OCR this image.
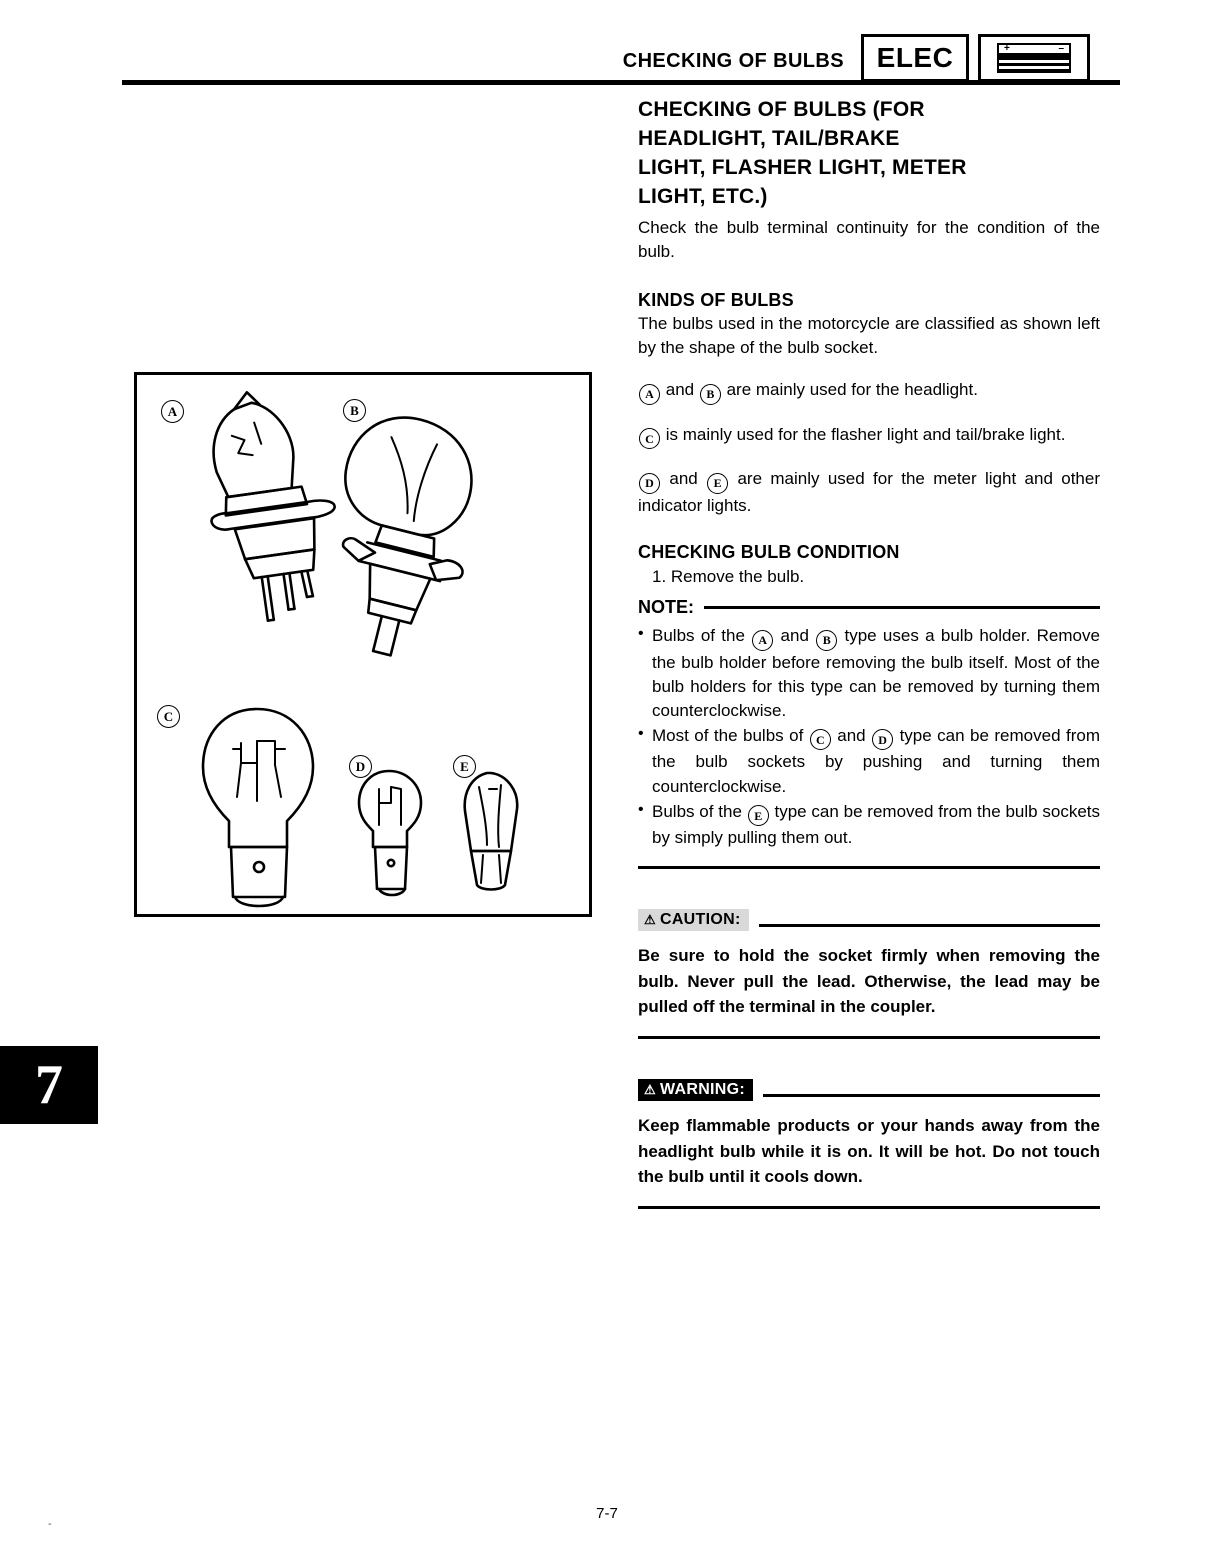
CHECKING OF BULBS ELEC	+	–
7
A	B
C
D	E
CHECKING OF BULBS (FOR
HEADLIGHT, TAIL/BRAKE
LIGHT, FLASHER LIGHT, METER
LIGHT, ETC.)

Check the bulb terminal continuity for the condition of the bulb.

KINDS OF BULBS

The bulbs used in the motorcycle are classified as shown left by the shape of the bulb socket.

A and B are mainly used for the headlight.

C is mainly used for the flasher light and tail/brake light.

D and E are mainly used for the meter light and other indicator lights.

CHECKING BULB CONDITION
1. Remove the bulb.
NOTE:
• Bulbs of the A and B type uses a bulb holder. Remove the bulb holder before removing the bulb itself. Most of the bulb holders for this type can be removed by turning them counterclockwise.
• Most of the bulbs of C and D type can be removed from the bulb sockets by pushing and turning them counterclockwise.
• Bulbs of the E type can be removed from the bulb sockets by simply pulling them out.
⚠ CAUTION:
Be sure to hold the socket firmly when removing the bulb. Never pull the lead. Otherwise, the lead may be pulled off the terminal in the coupler.
⚠ WARNING:
Keep flammable products or your hands away from the headlight bulb while it is on. It will be hot. Do not touch the bulb until it cools down.
7-7
-
